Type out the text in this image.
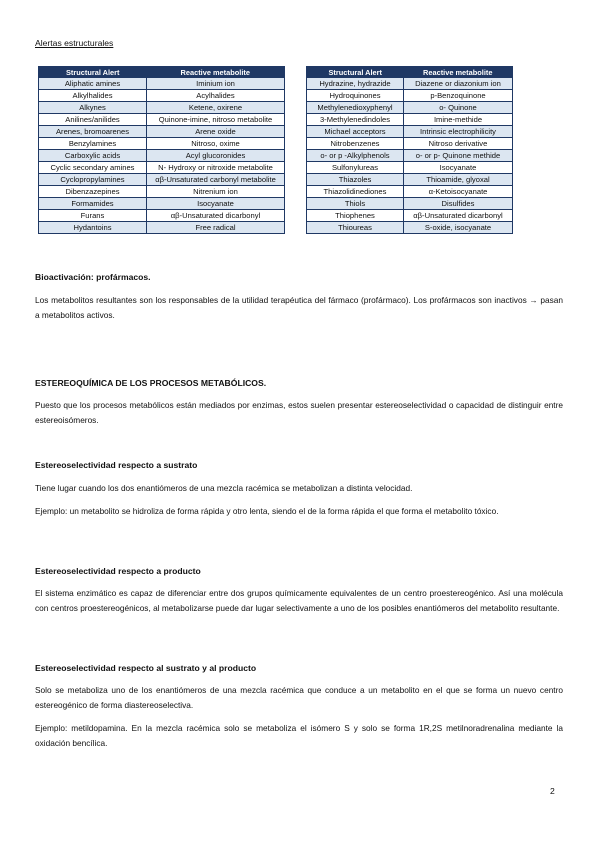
Alertas estructurales
Structural Alert	Reactive metabolite
Aliphatic amines	Iminium ion
Alkylhalides	Acylhalides
Alkynes	Ketene, oxirene
Anilines/anilides	Quinone-imine, nitroso metabolite
Arenes, bromoarenes	Arene oxide
Benzylamines	Nitroso, oxime
Carboxylic acids	Acyl glucoronides
Cyclic secondary amines	N- Hydroxy or nitroxide metabolite
Cyclopropylamines	αβ-Unsaturated carbonyl metabolite
Dibenzazepines	Nitrenium ion
Formamides	Isocyanate
Furans	αβ-Unsaturated dicarbonyl
Hydantoins	Free radical
Structural Alert	Reactive metabolite
Hydrazine, hydrazide	Diazene or diazonium ion
Hydroquinones	p-Benzoquinone
Methylenedioxyphenyl	o- Quinone
3-Methylenedindoles	Imine-methide
Michael acceptors	Intrinsic electrophilicity
Nitrobenzenes	Nitroso derivative
o- or p -Alkylphenols	o- or p- Quinone methide
Sulfonylureas	Isocyanate
Thiazoles	Thioamide, glyoxal
Thiazolidinediones	α-Ketoisocyanate
Thiols	Disulfides
Thiophenes	αβ-Unsaturated dicarbonyl
Thioureas	S-oxide, isocyanate
Bioactivación: profármacos.
Los metabolitos resultantes son los responsables de la utilidad terapéutica del fármaco (profármaco). Los profármacos son inactivos → pasan a metabolitos activos.
ESTEREOQUÍMICA DE LOS PROCESOS METABÓLICOS.
Puesto que los procesos metabólicos están mediados por enzimas, estos suelen presentar estereoselectividad o capacidad de distinguir entre estereoisómeros.
Estereoselectividad respecto a sustrato
Tiene lugar cuando los dos enantiómeros de una mezcla racémica se metabolizan a distinta velocidad.
Ejemplo: un metabolito se hidroliza de forma rápida y otro lenta, siendo el de la forma rápida el que forma el metabolito tóxico.
Estereoselectividad respecto a producto
El sistema enzimático es capaz de diferenciar entre dos grupos químicamente equivalentes de un centro proestereogénico. Así una molécula con centros proestereogénicos, al metabolizarse puede dar lugar selectivamente a uno de los posibles enantiómeros del metabolito resultante.
Estereoselectividad respecto al sustrato y al producto
Solo se metaboliza uno de los enantiómeros de una mezcla racémica que conduce a un metabolito en el que se forma un nuevo centro estereogénico de forma diastereoselectiva.
Ejemplo: metildopamina. En la mezcla racémica solo se metaboliza el isómero S y solo se forma 1R,2S metilnoradrenalina mediante la oxidación bencílica.
2
